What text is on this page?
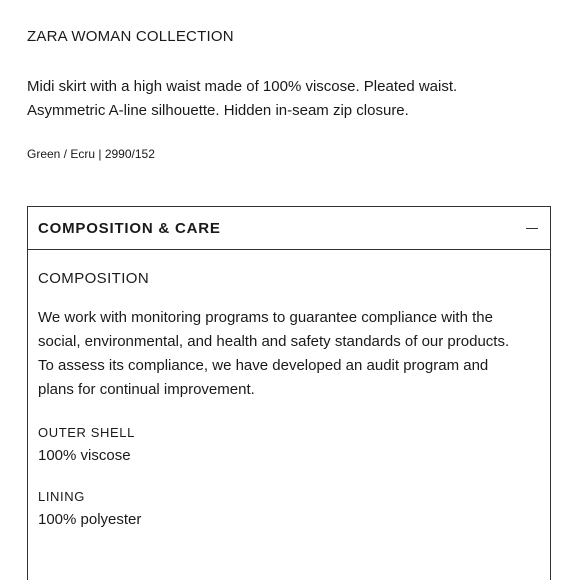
ZARA WOMAN COLLECTION
Midi skirt with a high waist made of 100% viscose. Pleated waist.
Asymmetric A-line silhouette. Hidden in-seam zip closure.
Green / Ecru | 2990/152
COMPOSITION & CARE
COMPOSITION
We work with monitoring programs to guarantee compliance with the
social, environmental, and health and safety standards of our products.
To assess its compliance, we have developed an audit program and
plans for continual improvement.
OUTER SHELL
100% viscose
LINING
100% polyester
